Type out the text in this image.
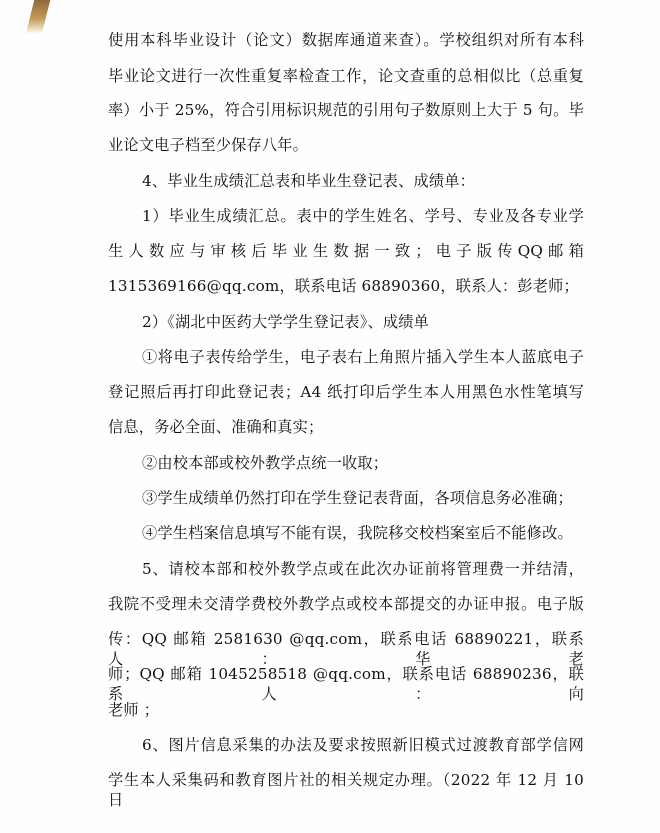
使用本科毕业设计（论文）数据库通道来查）。学校组织对所有本科
毕业论文进行一次性重复率检查工作，论文查重的总相似比（总重复
率）小于 25%，符合引用标识规范的引用句子数原则上大于 5 句。毕
业论文电子档至少保存八年。
4、毕业生成绩汇总表和毕业生登记表、成绩单：
1）毕业生成绩汇总。表中的学生姓名、学号、专业及各专业学
生 人 数 应 与 审 核 后 毕 业 生 数 据 一 致 ； 电 子 版 传 QQ 邮 箱
1315369166@qq.com，联系电话 68890360，联系人：彭老师；
2）《湖北中医药大学学生登记表》、成绩单
①将电子表传给学生，电子表右上角照片插入学生本人蓝底电子
登记照后再打印此登记表；A4 纸打印后学生本人用黑色水性笔填写
信息，务必全面、准确和真实；
②由校本部或校外教学点统一收取；
③学生成绩单仍然打印在学生登记表背面，各项信息务必准确；
④学生档案信息填写不能有误，我院移交校档案室后不能修改。
5、请校本部和校外教学点或在此次办证前将管理费一并结清，
我院不受理未交清学费校外教学点或校本部提交的办证申报。电子版
传：QQ 邮箱 2581630 @qq.com，联系电话 68890221，联系人：华老
师；QQ 邮箱 1045258518 @qq.com，联系电话 68890236，联系人：向
老师 ；
6、图片信息采集的办法及要求按照新旧模式过渡教育部学信网
学生本人采集码和教育图片社的相关规定办理。（2022 年 12 月 10 日
